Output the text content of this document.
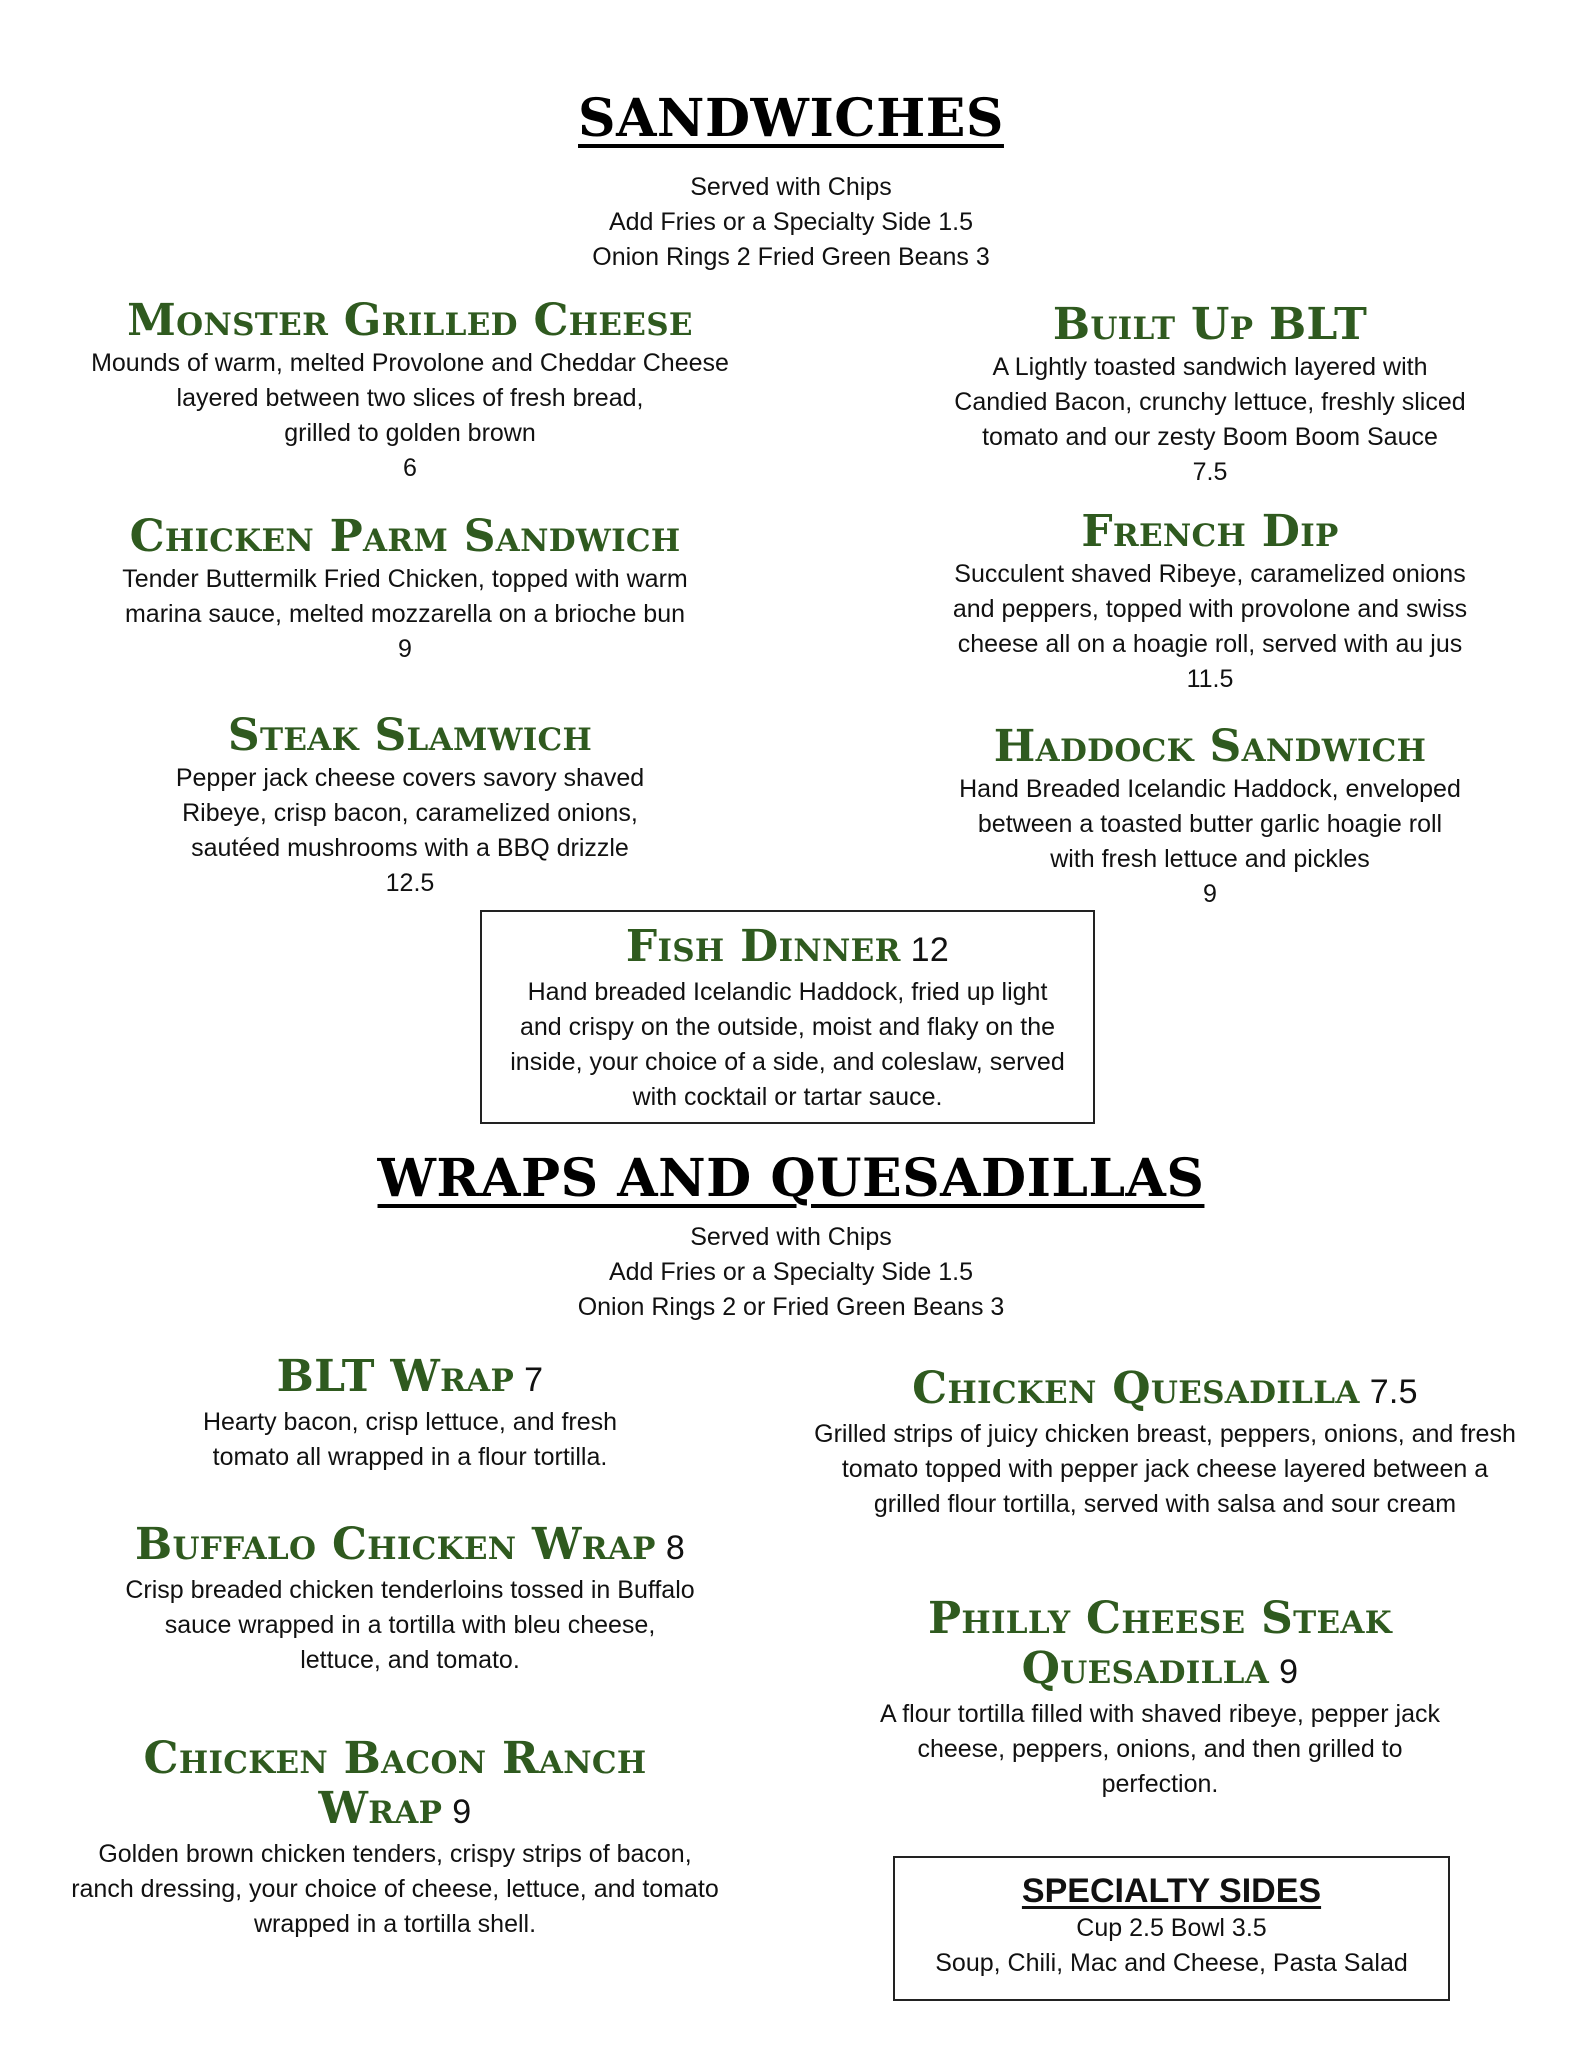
SANDWICHES
Served with Chips
Add Fries or a Specialty Side 1.5
Onion Rings 2 Fried Green Beans 3
Monster Grilled Cheese
Mounds of warm, melted Provolone and Cheddar Cheese
layered between two slices of fresh bread,
grilled to golden brown
6
Built Up BLT
A Lightly toasted sandwich layered with
Candied Bacon, crunchy lettuce, freshly sliced
tomato and our zesty Boom Boom Sauce
7.5
Chicken Parm Sandwich
Tender Buttermilk Fried Chicken, topped with warm
marina sauce, melted mozzarella on a brioche bun
9
French Dip
Succulent shaved Ribeye, caramelized onions
and peppers, topped with provolone and swiss
cheese all on a hoagie roll, served with au jus
11.5
Steak Slamwich
Pepper jack cheese covers savory shaved
Ribeye, crisp bacon, caramelized onions,
sautéed mushrooms with a BBQ drizzle
12.5
Haddock Sandwich
Hand Breaded Icelandic Haddock, enveloped
between a toasted butter garlic hoagie roll
with fresh lettuce and pickles
9
Fish Dinner 12
Hand breaded Icelandic Haddock, fried up light
and crispy on the outside, moist and flaky on the
inside, your choice of a side, and coleslaw, served
with cocktail or tartar sauce.
WRAPS AND QUESADILLAS
Served with Chips
Add Fries or a Specialty Side 1.5
Onion Rings 2 or Fried Green Beans 3
BLT Wrap 7
Hearty bacon, crisp lettuce, and fresh
tomato all wrapped in a flour tortilla.
Chicken Quesadilla 7.5
Grilled strips of juicy chicken breast, peppers, onions, and fresh
tomato topped with pepper jack cheese layered between a
grilled flour tortilla, served with salsa and sour cream
Buffalo Chicken Wrap 8
Crisp breaded chicken tenderloins tossed in Buffalo
sauce wrapped in a tortilla with bleu cheese,
lettuce, and tomato.
Philly Cheese Steak
Quesadilla 9
A flour tortilla filled with shaved ribeye, pepper jack
cheese, peppers, onions, and then grilled to
perfection.
Chicken Bacon Ranch
Wrap 9
Golden brown chicken tenders, crispy strips of bacon,
ranch dressing, your choice of cheese, lettuce, and tomato
wrapped in a tortilla shell.
SPECIALTY SIDES
Cup 2.5 Bowl 3.5
Soup, Chili, Mac and Cheese, Pasta Salad
